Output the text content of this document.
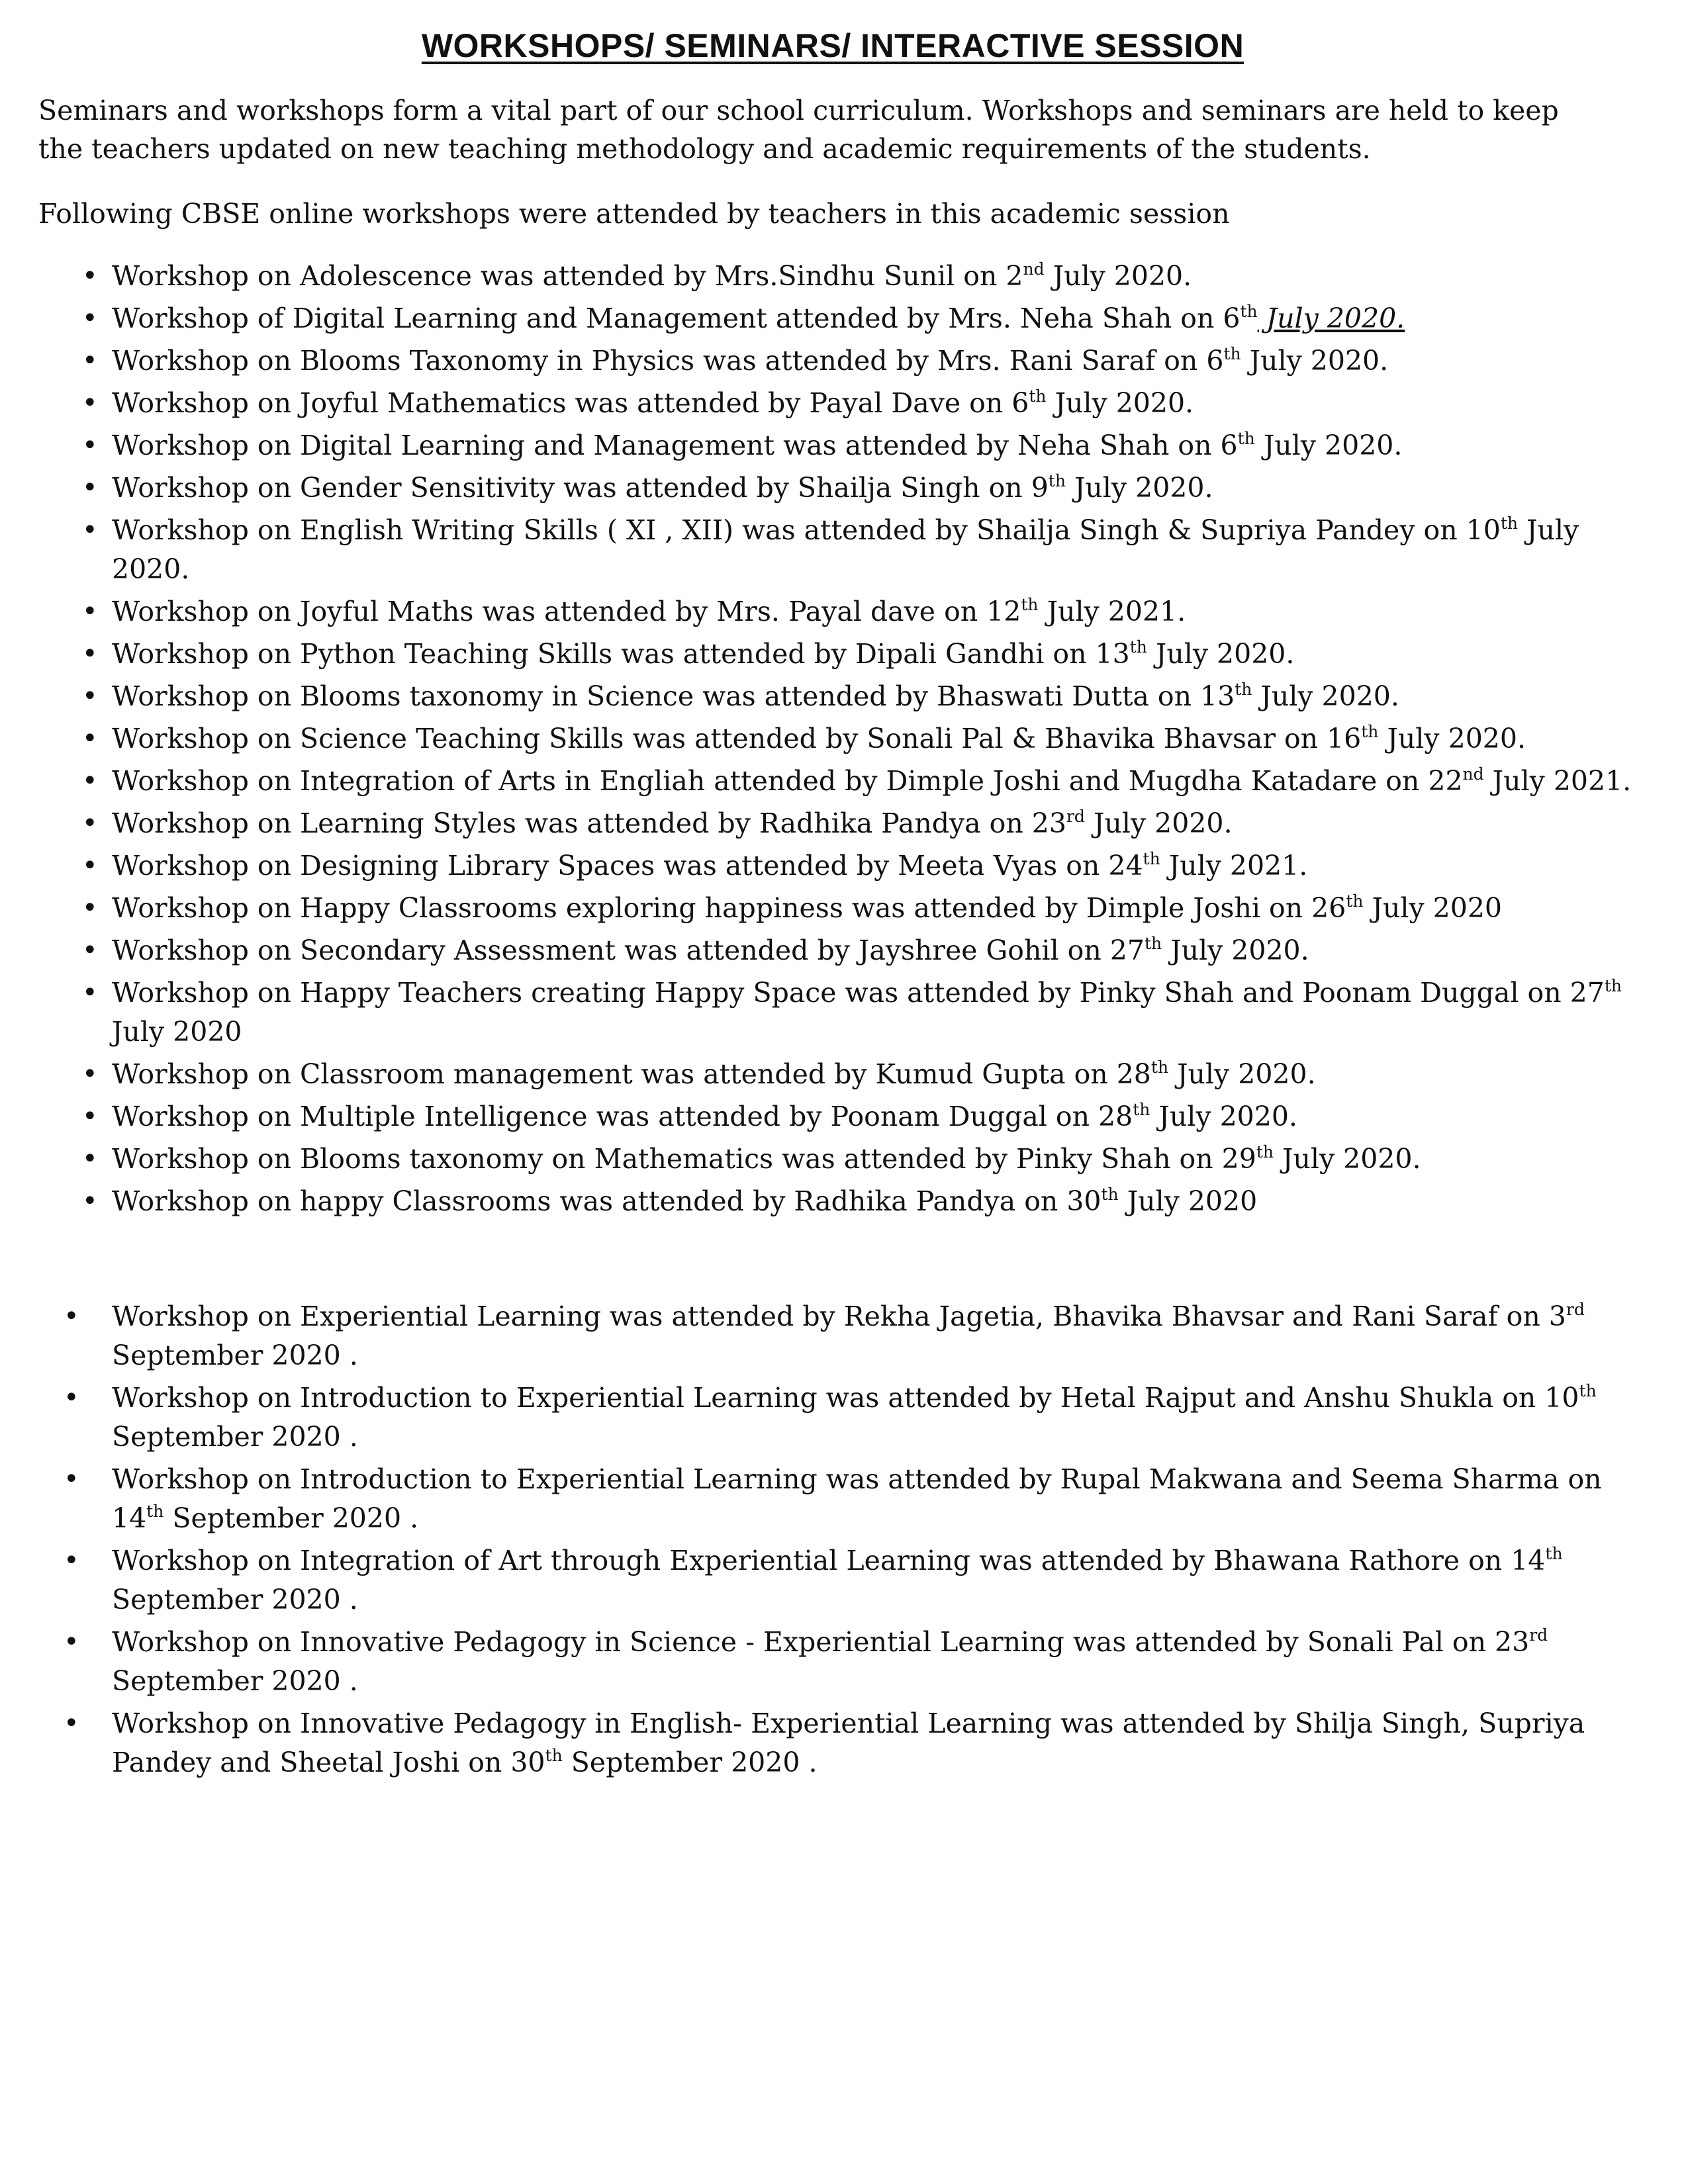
WORKSHOPS/ SEMINARS/ INTERACTIVE SESSION

Seminars and workshops form a vital part of our school curriculum. Workshops and seminars are held to keep the teachers updated on new teaching methodology and academic requirements of the students.

Following CBSE online workshops were attended by teachers in this academic session

• Workshop on Adolescence was attended by Mrs.Sindhu Sunil on 2nd July 2020.
• Workshop of Digital Learning and Management attended by Mrs. Neha Shah on 6th July 2020.
• Workshop on Blooms Taxonomy in Physics was attended by Mrs. Rani Saraf on 6th July 2020.
• Workshop on Joyful Mathematics was attended by Payal Dave on 6th July 2020.
• Workshop on Digital Learning and Management was attended by Neha Shah on 6th July 2020.
• Workshop on Gender Sensitivity was attended by Shailja Singh on 9th July 2020.
• Workshop on English Writing Skills ( XI , XII) was attended by Shailja Singh & Supriya Pandey on 10th July 2020.
• Workshop on Joyful Maths was attended by Mrs. Payal dave on 12th July 2021.
• Workshop on Python Teaching Skills was attended by Dipali Gandhi on 13th July 2020.
• Workshop on Blooms taxonomy in Science was attended by Bhaswati Dutta on 13th July 2020.
• Workshop on Science Teaching Skills was attended by Sonali Pal & Bhavika Bhavsar on 16th July 2020.
• Workshop on Integration of Arts in Engliah attended by Dimple Joshi and Mugdha Katadare on 22nd July 2021.
• Workshop on Learning Styles was attended by Radhika Pandya on 23rd July 2020.
• Workshop on Designing Library Spaces was attended by Meeta Vyas on 24th July 2021.
• Workshop on Happy Classrooms exploring happiness was attended by Dimple Joshi on 26th July 2020
• Workshop on Secondary Assessment was attended by Jayshree Gohil on 27th July 2020.
• Workshop on Happy Teachers creating Happy Space was attended by Pinky Shah and Poonam Duggal on 27th July 2020
• Workshop on Classroom management was attended by Kumud Gupta on 28th July 2020.
• Workshop on Multiple Intelligence was attended by Poonam Duggal on 28th July 2020.
• Workshop on Blooms taxonomy on Mathematics was attended by Pinky Shah on 29th July 2020.
• Workshop on happy Classrooms was attended by Radhika Pandya on 30th July 2020
• Workshop on Experiential Learning was attended by Rekha Jagetia, Bhavika Bhavsar and Rani Saraf on 3rd September 2020 .
• Workshop on Introduction to Experiential Learning was attended by Hetal Rajput and Anshu Shukla on 10th September 2020 .
• Workshop on Introduction to Experiential Learning was attended by Rupal Makwana and Seema Sharma on 14th September 2020 .
• Workshop on Integration of Art through Experiential Learning was attended by Bhawana Rathore on 14th September 2020 .
• Workshop on Innovative Pedagogy in Science - Experiential Learning was attended by Sonali Pal on 23rd September 2020 .
• Workshop on Innovative Pedagogy in English- Experiential Learning was attended by Shilja Singh, Supriya Pandey and Sheetal Joshi on 30th September 2020 .
